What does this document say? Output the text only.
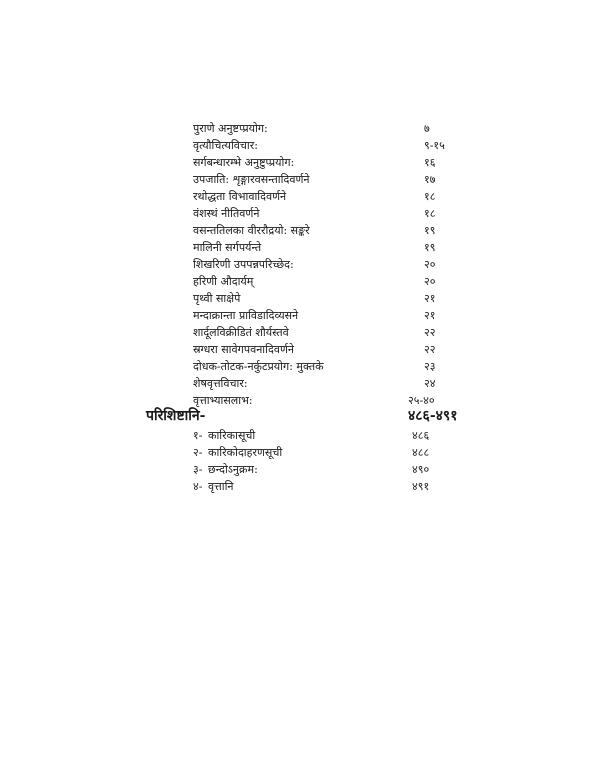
पुराणे अनुष्टप्प्रयोग:	७
वृत्यौचित्यविचार:	९-१५
सर्गबन्धारम्भे अनुष्टुप्प्रयोग:	१६
उपजाति: शृङ्गारवसन्तादिवर्णने	१७
रथोद्धता विभावादिवर्णने	१८
वंशस्थं नीतिवर्णने	१८
वसन्ततिलका वीररौद्रयो: सङ्करे	१९
मालिनी सर्गपर्यन्ते	१९
शिखरिणी उपपन्नपरिच्छेद:	२०
हरिणी औदार्यम्	२०
पृथ्वी साक्षेपे	२१
मन्दाक्रान्ता प्राविडादिव्यसने	२१
शार्दूलविक्रीडितं शौर्यस्तवे	२२
स्रग्धरा सावेगपवनादिवर्णने	२२
दोधक-तोटक-नर्कुटप्रयोग: मुक्तके	२३
शेषवृत्तविचार:	२४
वृत्ताभ्यासलाभ:	२५-४०
परिशिष्टानि-	४८६-४९१
१- कारिकासूची	४८६
२- कारिकोदाहरणसूची	४८८
३- छन्दोऽनुक्रम:	४९०
४- वृत्तानि	४९१
